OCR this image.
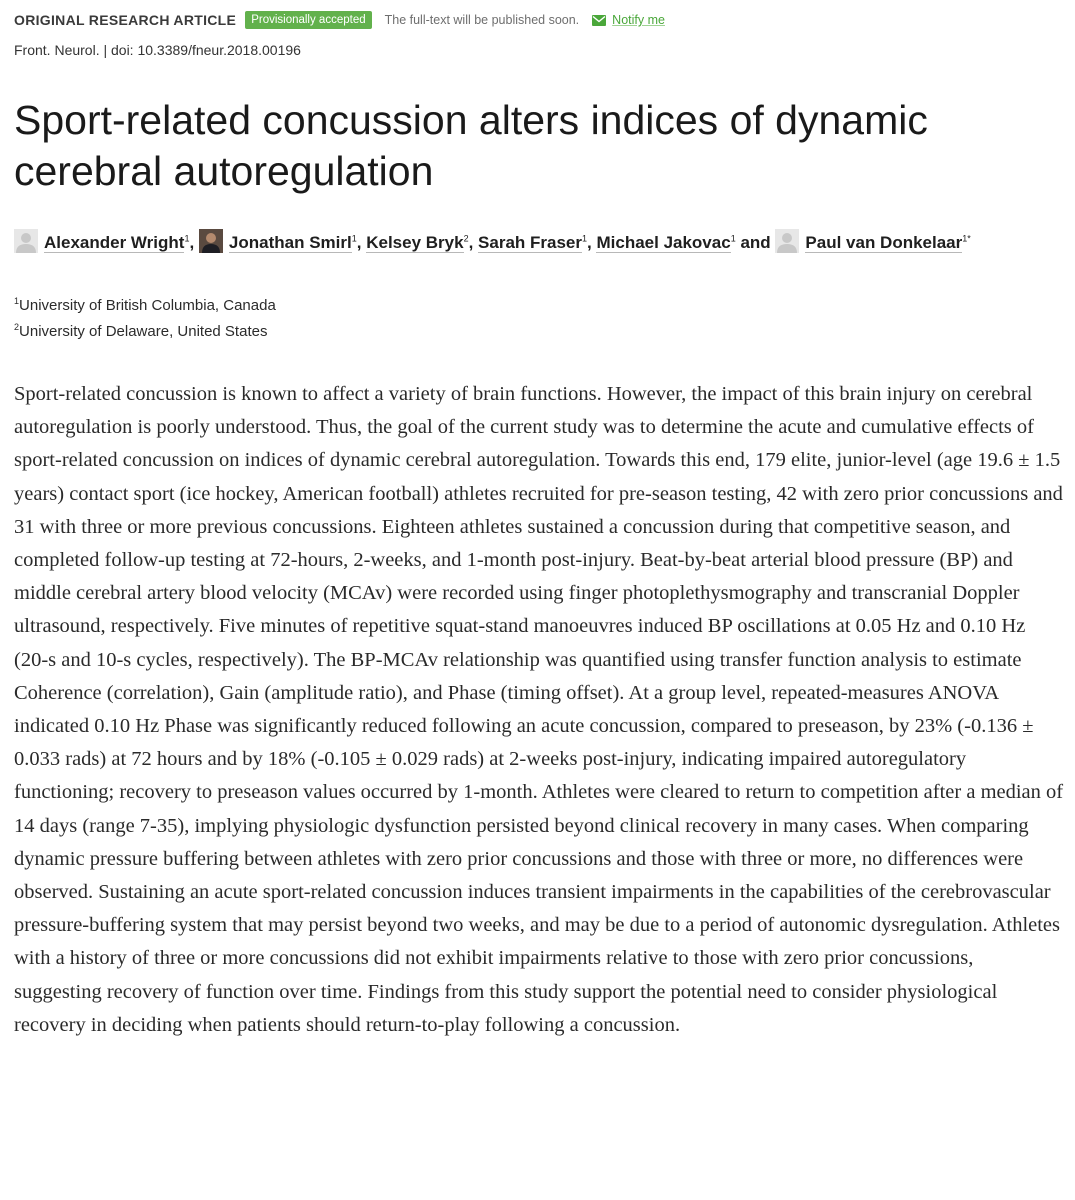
ORIGINAL RESEARCH ARTICLE	Provisionally accepted	The full-text will be published soon.	Notify me
Front. Neurol. | doi: 10.3389/fneur.2018.00196
Sport-related concussion alters indices of dynamic cerebral autoregulation
Alexander Wright$^1$, Jonathan Smirl$^1$, Kelsey Bryk$^2$, Sarah Fraser$^1$, Michael Jakovac$^1$ and Paul van Donkelaar$^{1*}$
$^1$University of British Columbia, Canada
$^2$University of Delaware, United States

Sport-related concussion is known to affect a variety of brain functions. However, the impact of this brain injury on cerebral autoregulation is poorly understood. Thus, the goal of the current study was to determine the acute and cumulative effects of sport-related concussion on indices of dynamic cerebral autoregulation. Towards this end, 179 elite, junior-level (age 19.6 ± 1.5 years) contact sport (ice hockey, American football) athletes recruited for pre-season testing, 42 with zero prior concussions and 31 with three or more previous concussions. Eighteen athletes sustained a concussion during that competitive season, and completed follow-up testing at 72-hours, 2-weeks, and 1-month post-injury. Beat-by-beat arterial blood pressure (BP) and middle cerebral artery blood velocity (MCAv) were recorded using finger photoplethysmography and transcranial Doppler ultrasound, respectively. Five minutes of repetitive squat-stand manoeuvres induced BP oscillations at 0.05 Hz and 0.10 Hz (20-s and 10-s cycles, respectively). The BP-MCAv relationship was quantified using transfer function analysis to estimate Coherence (correlation), Gain (amplitude ratio), and Phase (timing offset). At a group level, repeated-measures ANOVA indicated 0.10 Hz Phase was significantly reduced following an acute concussion, compared to preseason, by 23% (-0.136 ± 0.033 rads) at 72 hours and by 18% (-0.105 ± 0.029 rads) at 2-weeks post-injury, indicating impaired autoregulatory functioning; recovery to preseason values occurred by 1-month. Athletes were cleared to return to competition after a median of 14 days (range 7-35), implying physiologic dysfunction persisted beyond clinical recovery in many cases. When comparing dynamic pressure buffering between athletes with zero prior concussions and those with three or more, no differences were observed. Sustaining an acute sport-related concussion induces transient impairments in the capabilities of the cerebrovascular pressure-buffering system that may persist beyond two weeks, and may be due to a period of autonomic dysregulation. Athletes with a history of three or more concussions did not exhibit impairments relative to those with zero prior concussions, suggesting recovery of function over time. Findings from this study support the potential need to consider physiological recovery in deciding when patients should return-to-play following a concussion.
